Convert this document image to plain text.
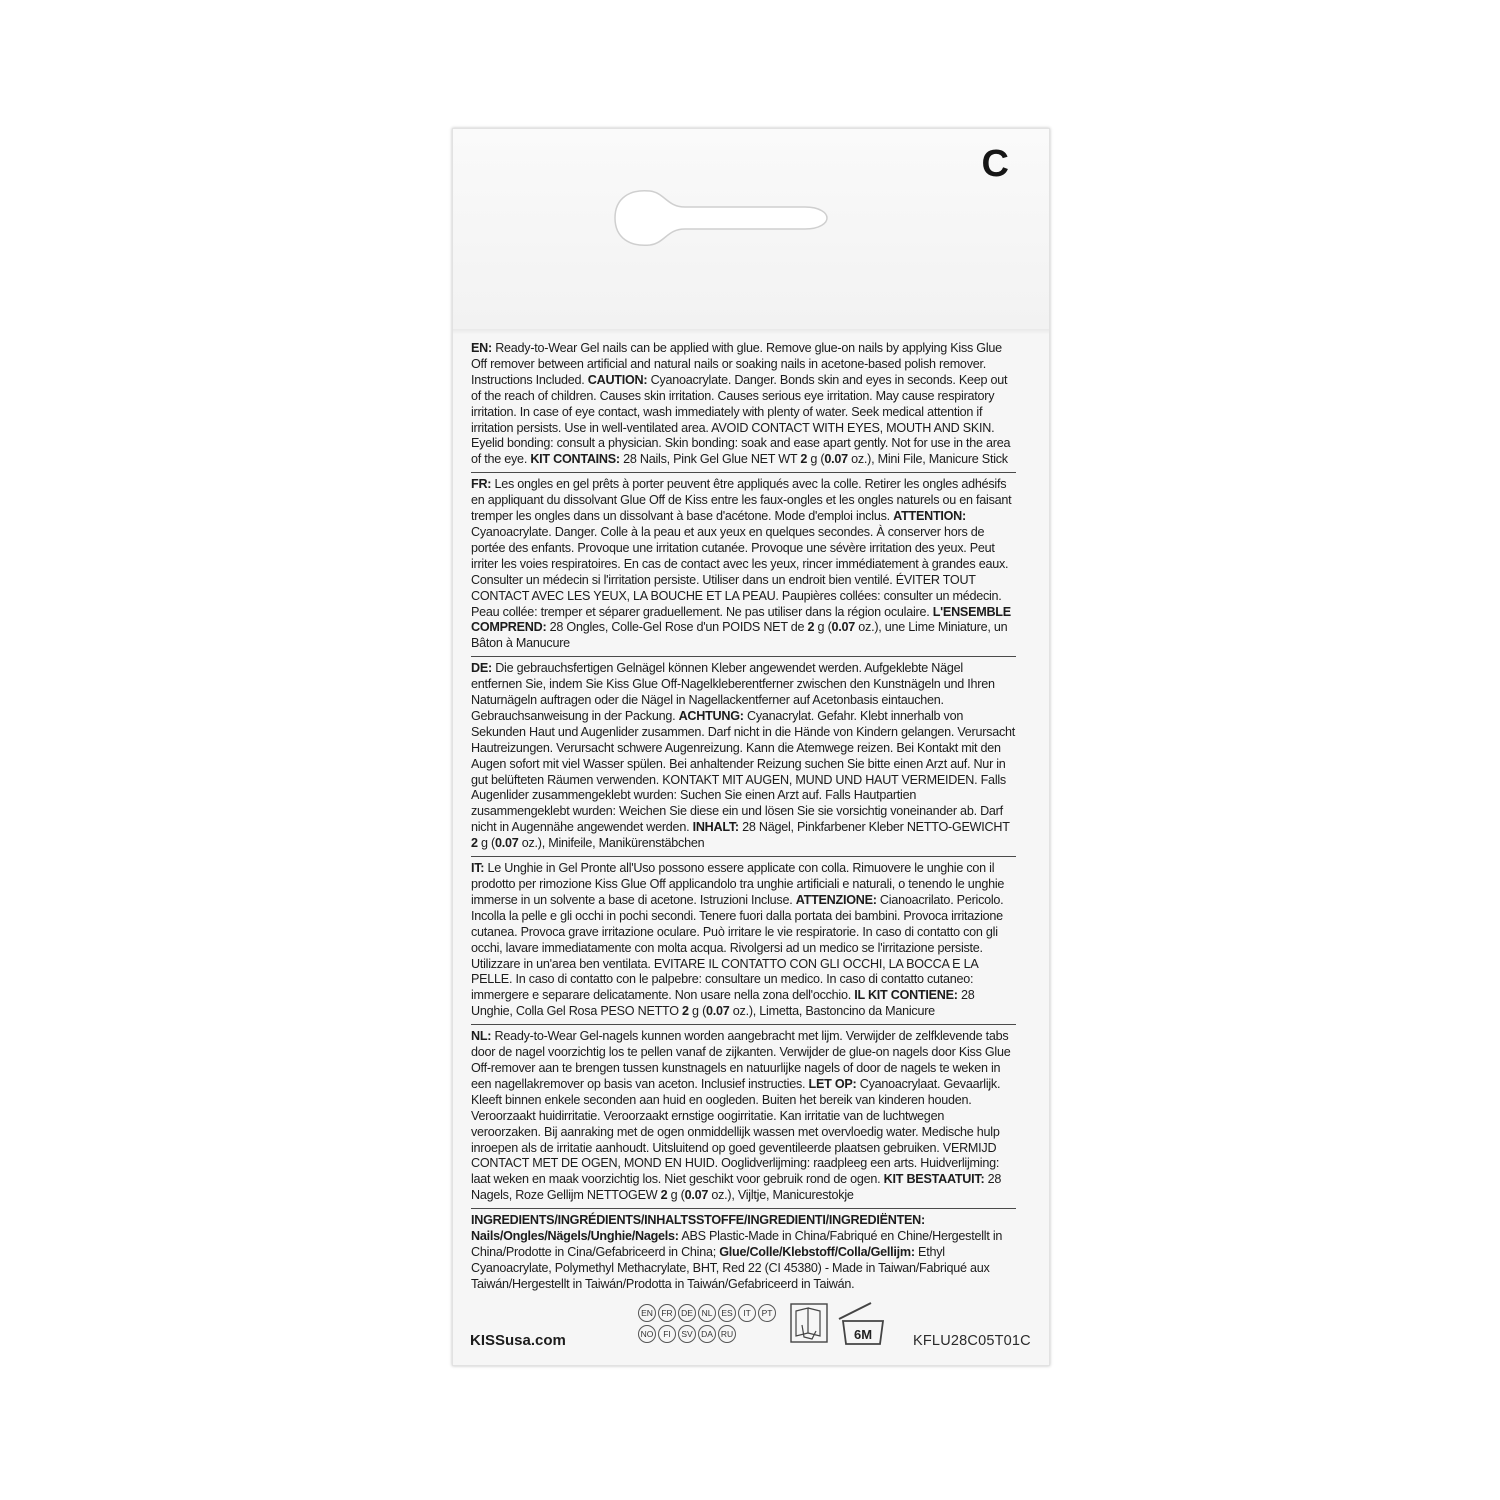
C

EN: Ready-to-Wear Gel nails can be applied with glue. Remove glue-on nails by applying Kiss Glue Off remover between artificial and natural nails or soaking nails in acetone-based polish remover. Instructions Included. CAUTION: Cyanoacrylate. Danger. Bonds skin and eyes in seconds. Keep out of the reach of children. Causes skin irritation. Causes serious eye irritation. May cause respiratory irritation. In case of eye contact, wash immediately with plenty of water. Seek medical attention if irritation persists. Use in well-ventilated area. AVOID CONTACT WITH EYES, MOUTH AND SKIN. Eyelid bonding: consult a physician. Skin bonding: soak and ease apart gently. Not for use in the area of the eye. KIT CONTAINS: 28 Nails, Pink Gel Glue NET WT 2 g (0.07 oz.), Mini File, Manicure Stick

FR: Les ongles en gel prêts à porter peuvent être appliqués avec la colle. Retirer les ongles adhésifs en appliquant du dissolvant Glue Off de Kiss entre les faux-ongles et les ongles naturels ou en faisant tremper les ongles dans un dissolvant à base d'acétone. Mode d'emploi inclus. ATTENTION: Cyanoacrylate. Danger. Colle à la peau et aux yeux en quelques secondes. À conserver hors de portée des enfants. Provoque une irritation cutanée. Provoque une sévère irritation des yeux. Peut irriter les voies respiratoires. En cas de contact avec les yeux, rincer immédiatement à grandes eaux. Consulter un médecin si l'irritation persiste. Utiliser dans un endroit bien ventilé. ÉVITER TOUT CONTACT AVEC LES YEUX, LA BOUCHE ET LA PEAU. Paupières collées: consulter un médecin. Peau collée: tremper et séparer graduellement. Ne pas utiliser dans la région oculaire. L'ENSEMBLE COMPREND: 28 Ongles, Colle-Gel Rose d'un POIDS NET de 2 g (0.07 oz.), une Lime Miniature, un Bâton à Manucure

DE: Die gebrauchsfertigen Gelnägel können Kleber angewendet werden. Aufgeklebte Nägel entfernen Sie, indem Sie Kiss Glue Off-Nagelkleberentferner zwischen den Kunstnägeln und Ihren Naturnägeln auftragen oder die Nägel in Nagellackentferner auf Acetonbasis eintauchen. Gebrauchsanweisung in der Packung. ACHTUNG: Cyanacrylat. Gefahr. Klebt innerhalb von Sekunden Haut und Augenlider zusammen. Darf nicht in die Hände von Kindern gelangen. Verursacht Hautreizungen. Verursacht schwere Augenreizung. Kann die Atemwege reizen. Bei Kontakt mit den Augen sofort mit viel Wasser spülen. Bei anhaltender Reizung suchen Sie bitte einen Arzt auf. Nur in gut belüfteten Räumen verwenden. KONTAKT MIT AUGEN, MUND UND HAUT VERMEIDEN. Falls Augenlider zusammengeklebt wurden: Suchen Sie einen Arzt auf. Falls Hautpartien zusammengeklebt wurden: Weichen Sie diese ein und lösen Sie sie vorsichtig voneinander ab. Darf nicht in Augennähe angewendet werden. INHALT: 28 Nägel, Pinkfarbener Kleber NETTO-GEWICHT 2 g (0.07 oz.), Minifeile, Manikürenstäbchen

IT: Le Unghie in Gel Pronte all'Uso possono essere applicate con colla. Rimuovere le unghie con il prodotto per rimozione Kiss Glue Off applicandolo tra unghie artificiali e naturali, o tenendo le unghie immerse in un solvente a base di acetone. Istruzioni Incluse. ATTENZIONE: Cianoacrilato. Pericolo. Incolla la pelle e gli occhi in pochi secondi. Tenere fuori dalla portata dei bambini. Provoca irritazione cutanea. Provoca grave irritazione oculare. Può irritare le vie respiratorie. In caso di contatto con gli occhi, lavare immediatamente con molta acqua. Rivolgersi ad un medico se l'irritazione persiste. Utilizzare in un'area ben ventilata. EVITARE IL CONTATTO CON GLI OCCHI, LA BOCCA E LA PELLE. In caso di contatto con le palpebre: consultare un medico. In caso di contatto cutaneo: immergere e separare delicatamente. Non usare nella zona dell'occhio. IL KIT CONTIENE: 28 Unghie, Colla Gel Rosa PESO NETTO 2 g (0.07 oz.), Limetta, Bastoncino da Manicure

NL: Ready-to-Wear Gel-nagels kunnen worden aangebracht met lijm. Verwijder de zelfklevende tabs door de nagel voorzichtig los te pellen vanaf de zijkanten. Verwijder de glue-on nagels door Kiss Glue Off-remover aan te brengen tussen kunstnagels en natuurlijke nagels of door de nagels te weken in een nagellakremover op basis van aceton. Inclusief instructies. LET OP: Cyanoacrylaat. Gevaarlijk. Kleeft binnen enkele seconden aan huid en oogleden. Buiten het bereik van kinderen houden. Veroorzaakt huidirritatie. Veroorzaakt ernstige oogirritatie. Kan irritatie van de luchtwegen veroorzaken. Bij aanraking met de ogen onmiddellijk wassen met overvloedig water. Medische hulp inroepen als de irritatie aanhoudt. Uitsluitend op goed geventileerde plaatsen gebruiken. VERMIJD CONTACT MET DE OGEN, MOND EN HUID. Ooglidverlijming: raadpleeg een arts. Huidverlijming: laat weken en maak voorzichtig los. Niet geschikt voor gebruik rond de ogen. KIT BESTAATUIT: 28 Nagels, Roze Gellijm NETTOGEW 2 g (0.07 oz.), Vijltje, Manicurestokje

INGREDIENTS/INGRÉDIENTS/INHALTSSTOFFE/INGREDIENTI/INGREDIËNTEN:
Nails/Ongles/Nägels/Unghie/Nagels: ABS Plastic-Made in China/Fabriqué en Chine/Hergestellt in China/Prodotte in Cina/Gefabriceerd in China; Glue/Colle/Klebstoff/Colla/Gellijm: Ethyl Cyanoacrylate, Polymethyl Methacrylate, BHT, Red 22 (CI 45380) - Made in Taiwan/Fabriqué aux Taiwán/Hergestellt in Taiwán/Prodotta in Taiwán/Gefabriceerd in Taiwán.

KISSusa.com
EN FR DE	NL	ES	IT	PT
NO	FI	SV DA RU	6M	KFLU28C05T01C
